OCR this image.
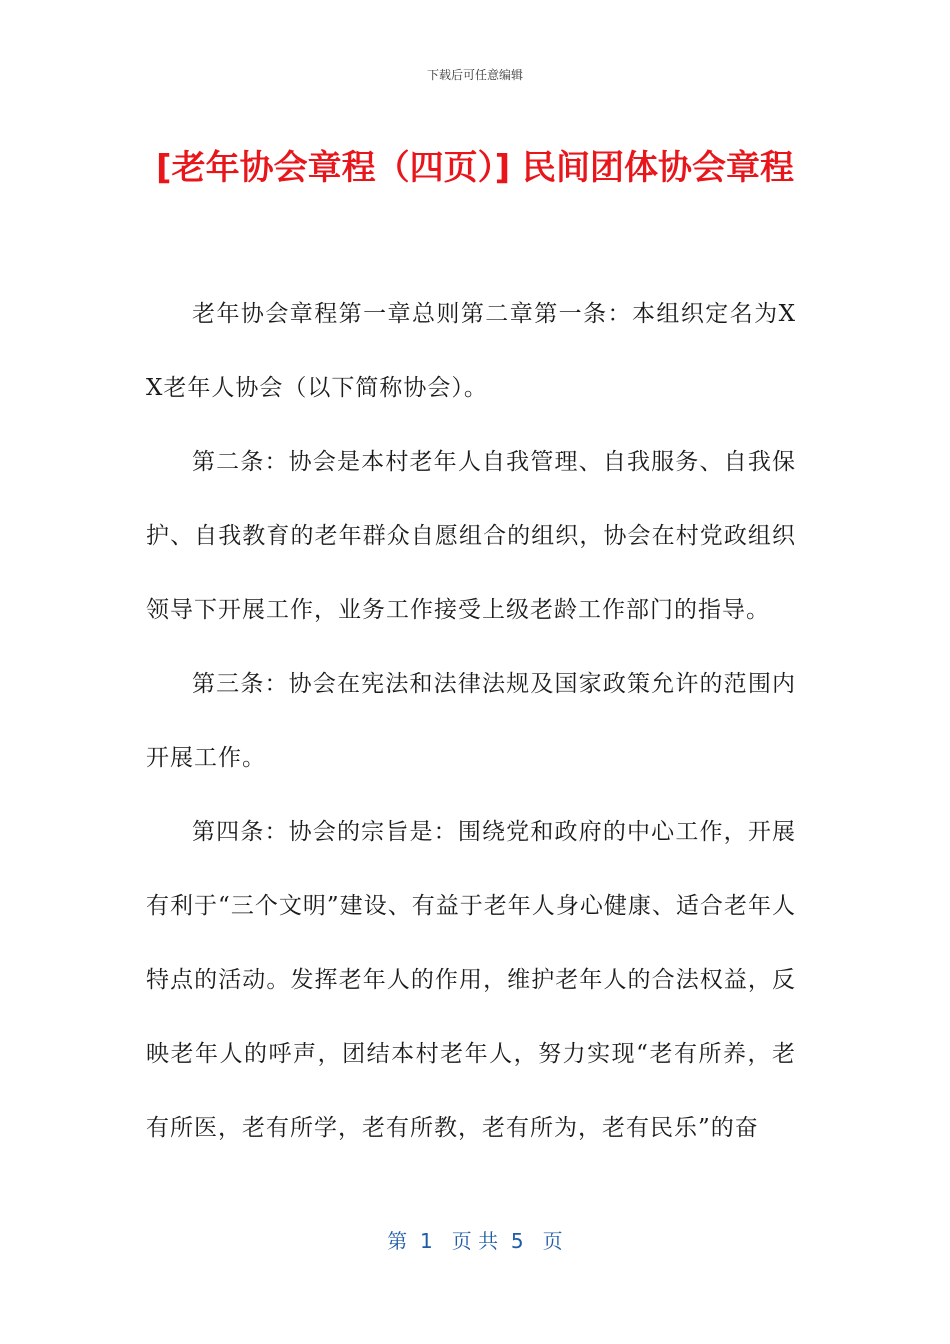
下载后可任意编辑
[老年协会章程（四页）] 民间团体协会章程

老年协会章程第一章总则第二章第一条：本组织定名为XX老年人协会（以下简称协会）。

第二条：协会是本村老年人自我管理、自我服务、自我保护、自我教育的老年群众自愿组合的组织，协会在村党政组织领导下开展工作，业务工作接受上级老龄工作部门的指导。

第三条：协会在宪法和法律法规及国家政策允许的范围内开展工作。

第四条：协会的宗旨是：围绕党和政府的中心工作，开展有利于“三个文明”建设、有益于老年人身心健康、适合老年人特点的活动。发挥老年人的作用，维护老年人的合法权益，反映老年人的呼声，团结本村老年人，努力实现“老有所养，老有所医，老有所学，老有所教，老有所为，老有民乐”的奋

第  1   页 共  5   页
